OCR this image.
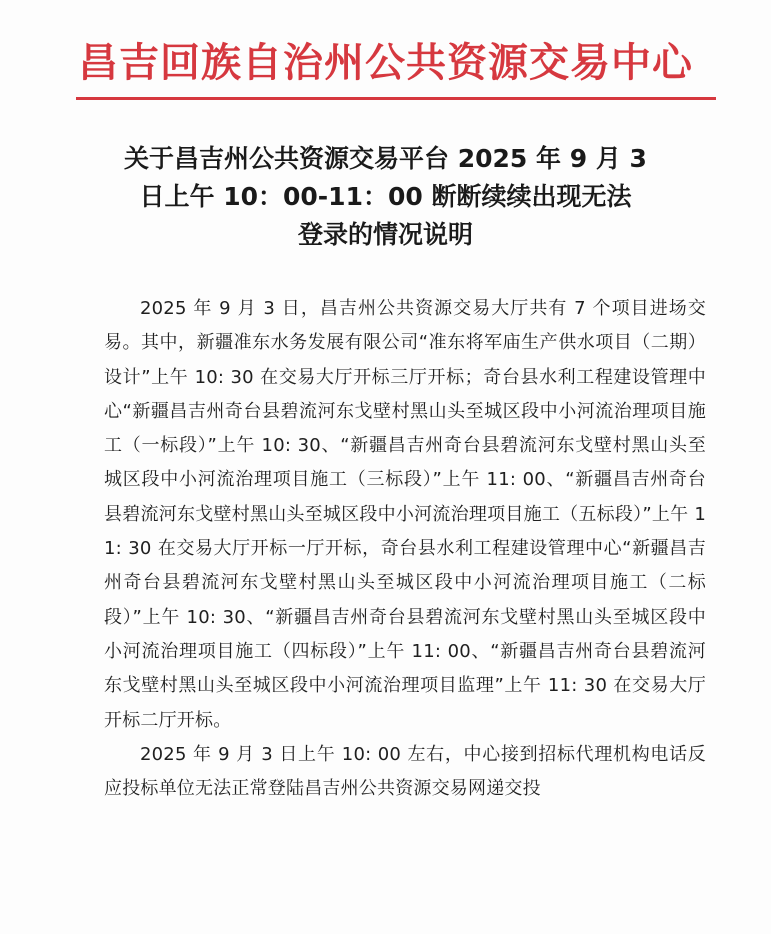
昌吉回族自治州公共资源交易中心
关于昌吉州公共资源交易平台 2025 年 9 月 3
日上午 10：00-11：00 断断续续出现无法
登录的情况说明

2025 年 9 月 3 日，昌吉州公共资源交易大厅共有 7 个项目进场交易。其中，新疆准东水务发展有限公司“准东将军庙生产供水项目（二期）设计”上午 10: 30 在交易大厅开标三厅开标；奇台县水利工程建设管理中心“新疆昌吉州奇台县碧流河东戈壁村黑山头至城区段中小河流治理项目施工（一标段）”上午 10: 30、“新疆昌吉州奇台县碧流河东戈壁村黑山头至城区段中小河流治理项目施工（三标段）”上午 11: 00、“新疆昌吉州奇台县碧流河东戈壁村黑山头至城区段中小河流治理项目施工（五标段）”上午 11: 30 在交易大厅开标一厅开标，奇台县水利工程建设管理中心“新疆昌吉州奇台县碧流河东戈壁村黑山头至城区段中小河流治理项目施工（二标段）”上午 10: 30、“新疆昌吉州奇台县碧流河东戈壁村黑山头至城区段中小河流治理项目施工（四标段）”上午 11: 00、“新疆昌吉州奇台县碧流河东戈壁村黑山头至城区段中小河流治理项目监理”上午 11: 30 在交易大厅开标二厅开标。

2025 年 9 月 3 日上午 10: 00 左右，中心接到招标代理机构电话反应投标单位无法正常登陆昌吉州公共资源交易网递交投
